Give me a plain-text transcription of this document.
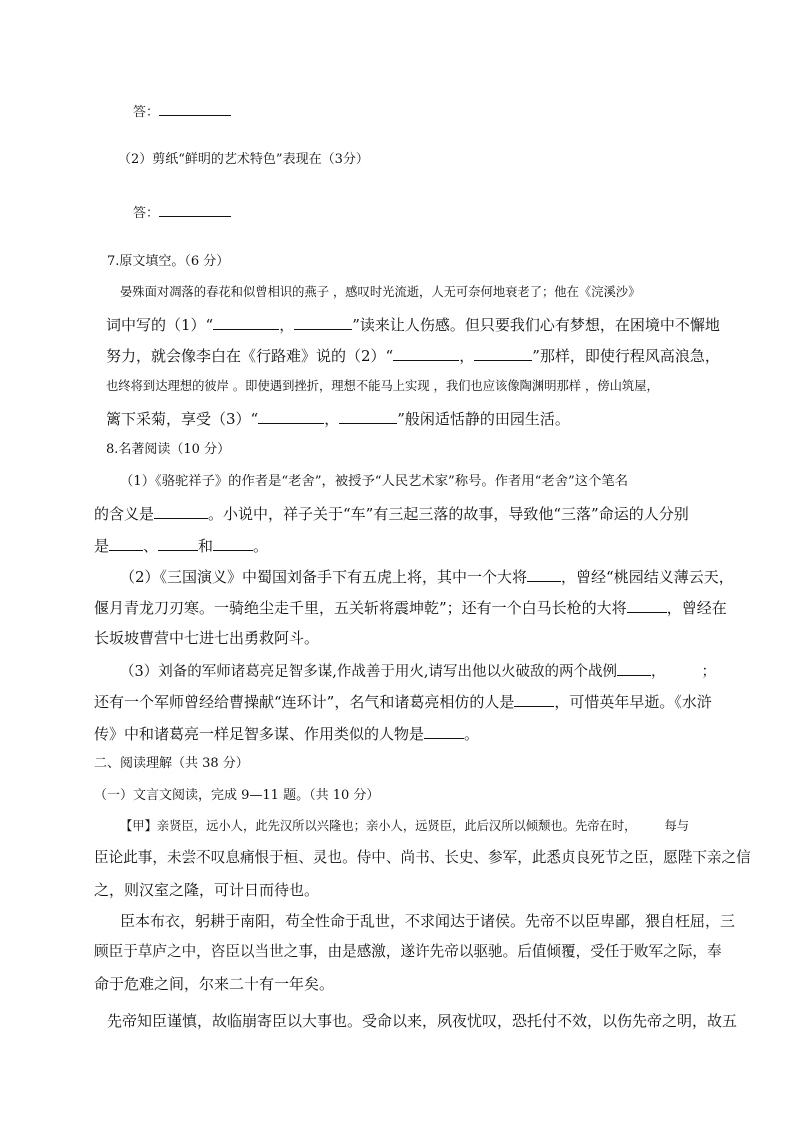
答：
（2）剪纸“鲜明的艺术特色”表现在（3分）
答：
7.原文填空。（6 分）
晏殊面对凋落的春花和似曾相识的燕子 ，感叹时光流逝，人无可奈何地衰老了；他在《浣溪沙》
词中写的（1）“	，	”读来让人伤感。但只要我们心有梦想，在困境中不懈地
努力，就会像李白在《行路难》说的（2）“	，	”那样，即使行程风高浪急，
也终将到达理想的彼岸 。即使遇到挫折，理想不能马上实现 ，我们也应该像陶渊明那样 ，傍山筑屋，
篱下采菊，享受（3）“	，	”般闲适恬静的田园生活。
8.名著阅读（10 分）
（1）《骆驼祥子》的作者是“老舍”，被授予“人民艺术家”称号。作者用“老舍”这个笔名
的含义是	。小说中，祥子关于“车”有三起三落的故事，导致他“三落”命运的人分别
是 、	和	。
（2）《三国演义》中蜀国刘备手下有五虎上将，其中一个大将 ，曾经“桃园结义薄云天，
偃月青龙刀刃寒。一骑绝尘走千里，五关斩将震坤乾”；还有一个白马长枪的大将	，曾经在
长坂坡曹营中七进七出勇救阿斗。
（3）刘备的军师诸葛亮足智多谋,作战善于用火,请写出他以火破敌的两个战例 ， ；
还有一个军师曾经给曹操献“连环计”，名气和诸葛亮相仿的人是	，可惜英年早逝。《水浒
传》中和诸葛亮一样足智多谋、作用类似的人物是	。
二、阅读理解（共 38 分）
（一）文言文阅读，完成 9—11 题。（共 10 分）
【甲】亲贤臣，远小人，此先汉所以兴隆也；亲小人，远贤臣，此后汉所以倾颓也。先帝在时， 每与
臣论此事，未尝不叹息痛恨于桓、灵也。侍中、尚书、长史、参军，此悉贞良死节之臣，愿陛下亲之信
之，则汉室之隆，可计日而待也。
臣本布衣，躬耕于南阳，苟全性命于乱世，不求闻达于诸侯。先帝不以臣卑鄙，猥自枉屈，三
顾臣于草庐之中，咨臣以当世之事，由是感激，遂许先帝以驱驰。后值倾覆，受任于败军之际，奉
命于危难之间，尔来二十有一年矣。
先帝知臣谨慎，故临崩寄臣以大事也。受命以来，夙夜忧叹，恐托付不效，以伤先帝之明，故五
